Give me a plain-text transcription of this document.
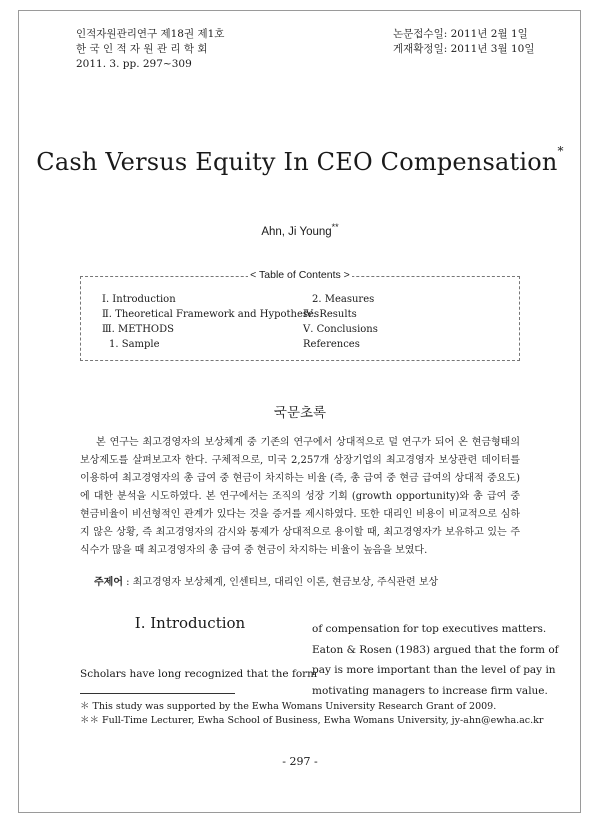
인적자원관리연구 제18권 제1호
한 국 인 적 자 원 관 리 학 회
2011. 3. pp. 297~309
논문접수일: 2011년 2월 1일
게재확정일: 2011년 3월 10일
Cash Versus Equity In CEO Compensation*
Ahn, Ji Young**
< Table of Contents >
Ⅰ. Introduction
Ⅱ. Theoretical Framework and Hypotheses
Ⅲ. METHODS
1. Sample
2. Measures
Ⅳ. Results
Ⅴ. Conclusions
References
국문초록

본 연구는 최고경영자의 보상체계 중 기존의 연구에서 상대적으로 덜 연구가 되어 온 현금형태의 보상제도를 살펴보고자 한다. 구체적으로, 미국 2,257개 상장기업의 최고경영자 보상관련 데이터를 이용하여 최고경영자의 총 급여 중 현금이 차지하는 비율 (즉, 총 급여 중 현금 급여의 상대적 중요도)에 대한 분석을 시도하였다. 본 연구에서는 조직의 성장 기회 (growth opportunity)와 총 급여 중 현금비율이 비선형적인 관계가 있다는 것을 증거를 제시하였다. 또한 대리인 비용이 비교적으로 심하지 않은 상황, 즉 최고경영자의 감시와 통제가 상대적으로 용이할 때, 최고경영자가 보유하고 있는 주식수가 많을 때 최고경영자의 총 급여 중 현금이 차지하는 비율이 높음을 보였다.

주제어 : 최고경영자 보상체계, 인센티브, 대리인 이론, 현금보상, 주식관련 보상
Ⅰ. Introduction
Scholars have long recognized that the form
of compensation for top executives matters.
Eaton & Rosen (1983) argued that the form of
pay is more important than the level of pay in
motivating managers to increase firm value.
＊ This study was supported by the Ewha Womans University Research Grant of 2009.
＊＊ Full-Time Lecturer, Ewha School of Business, Ewha Womans University, jy-ahn@ewha.ac.kr
- 297 -
